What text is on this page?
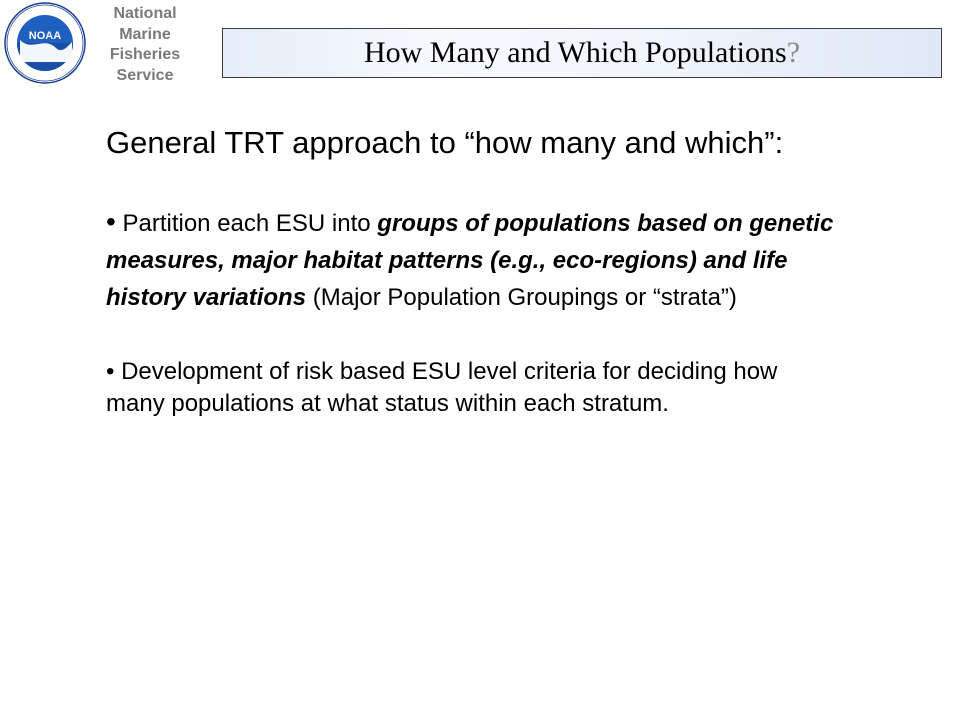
NOAA
National
Marine
Fisheries
Service
How Many and Which Populations?

General TRT approach to “how many and which”:

• Partition each ESU into groups of populations based on genetic measures, major habitat patterns (e.g., eco-regions) and life history variations (Major Population Groupings or “strata”)
• Development of risk based ESU level criteria for deciding how many populations at what status within each stratum.
